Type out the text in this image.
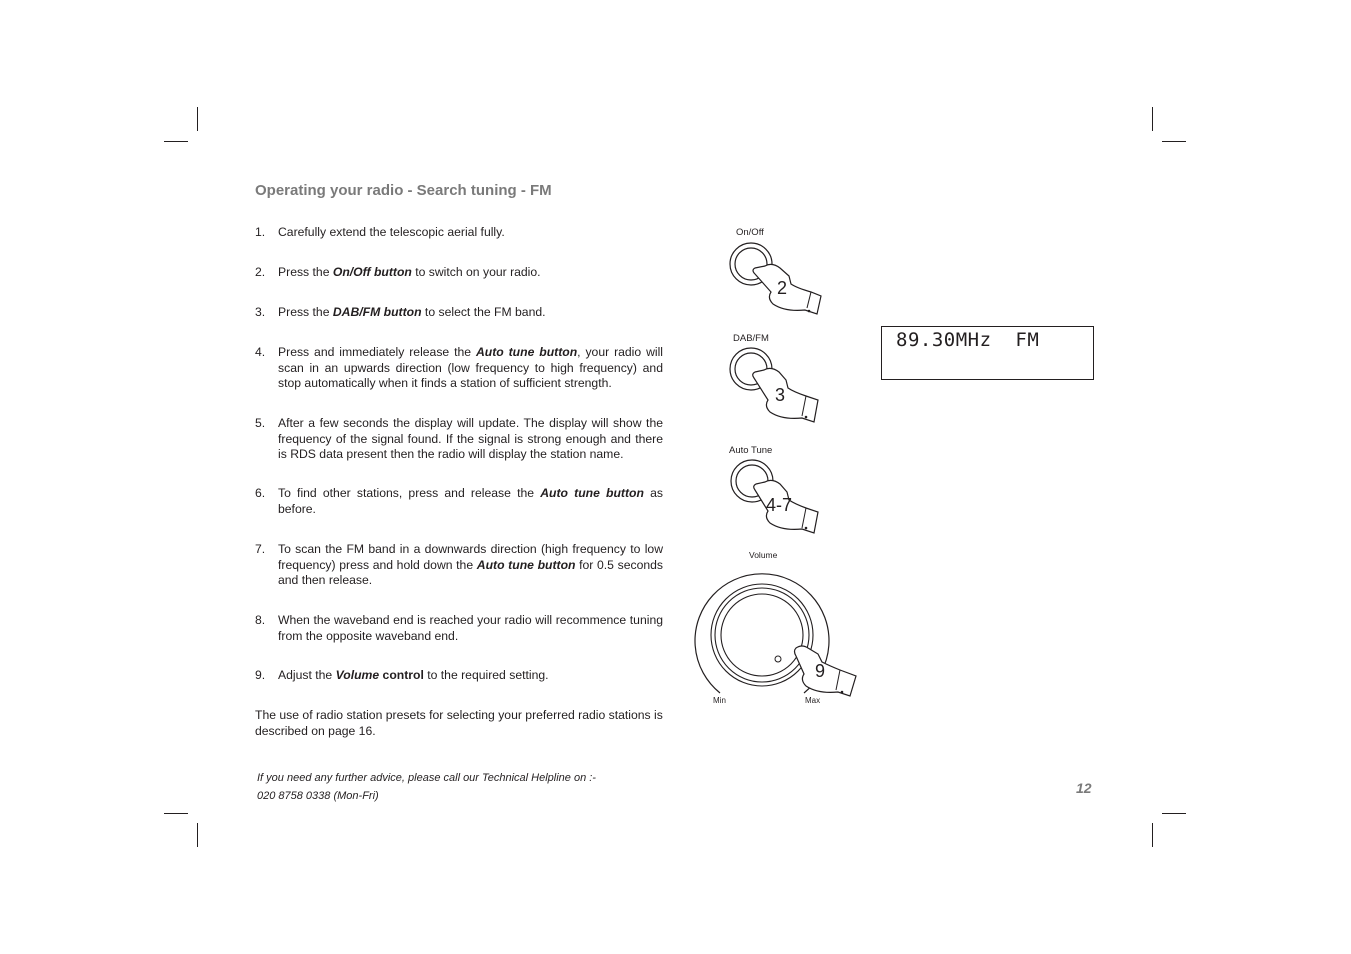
Operating your radio - Search tuning - FM
1. Carefully extend the telescopic aerial fully.
2. Press the On/Off button to switch on your radio.
3. Press the DAB/FM button to select the FM band.
4. Press and immediately release the Auto tune button, your radio will scan in an upwards direction (low frequency to high frequency) and stop automatically when it finds a station of sufficient strength.
5. After a few seconds the display will update. The display will show the frequency of the signal found. If the signal is strong enough and there is RDS data present then the radio will display the station name.
6. To find other stations, press and release the Auto tune button as before.
7. To scan the FM band in a downwards direction (high frequency to low frequency) press and hold down the Auto tune button for 0.5 seconds and then release.
8. When the waveband end is reached your radio will recommence tuning from the opposite waveband end.
9. Adjust the Volume control to the required setting.
The use of radio station presets for selecting your preferred radio stations is described on page 16.
If you need any further advice, please call our Technical Helpline on :-
020 8758 0338 (Mon-Fri)	12
On/Off
2
DAB/FM
3
Auto Tune
4-7
Volume
Min	Max
9
89.30MHz  FM
